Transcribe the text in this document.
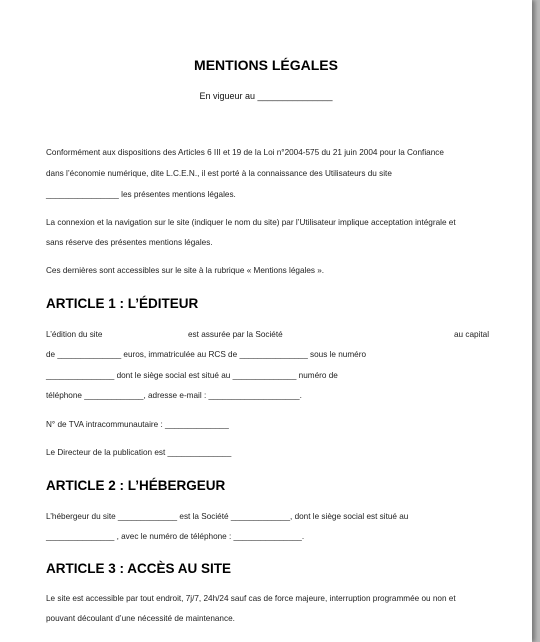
MENTIONS LÉGALES
En vigueur au _______________
Conformément aux dispositions des Articles 6 III et 19 de la Loi n°2004-575 du 21 juin 2004 pour la Confiance
dans l’économie numérique, dite L.C.E.N., il est porté à la connaissance des Utilisateurs du site
________________ les présentes mentions légales.
La connexion et la navigation sur le site (indiquer le nom du site) par l’Utilisateur implique acceptation intégrale et
sans réserve des présentes mentions légales.
Ces dernières sont accessibles sur le site à la rubrique « Mentions légales ».
ARTICLE 1 : L’ÉDITEUR
L’édition du site	est assurée par la Société	au capital
de ______________ euros, immatriculée au RCS de _______________ sous le numéro
_______________ dont le siège social est situé au ______________ numéro de
téléphone _____________, adresse e-mail : ____________________.
N° de TVA intracommunautaire : ______________
Le Directeur de la publication est ______________
ARTICLE 2 : L’HÉBERGEUR
L’hébergeur du site _____________ est la Société _____________, dont le siège social est situé au
_______________ , avec le numéro de téléphone : _______________.
ARTICLE 3 : ACCÈS AU SITE
Le site est accessible par tout endroit, 7j/7, 24h/24 sauf cas de force majeure, interruption programmée ou non et
pouvant découlant d’une nécessité de maintenance.
